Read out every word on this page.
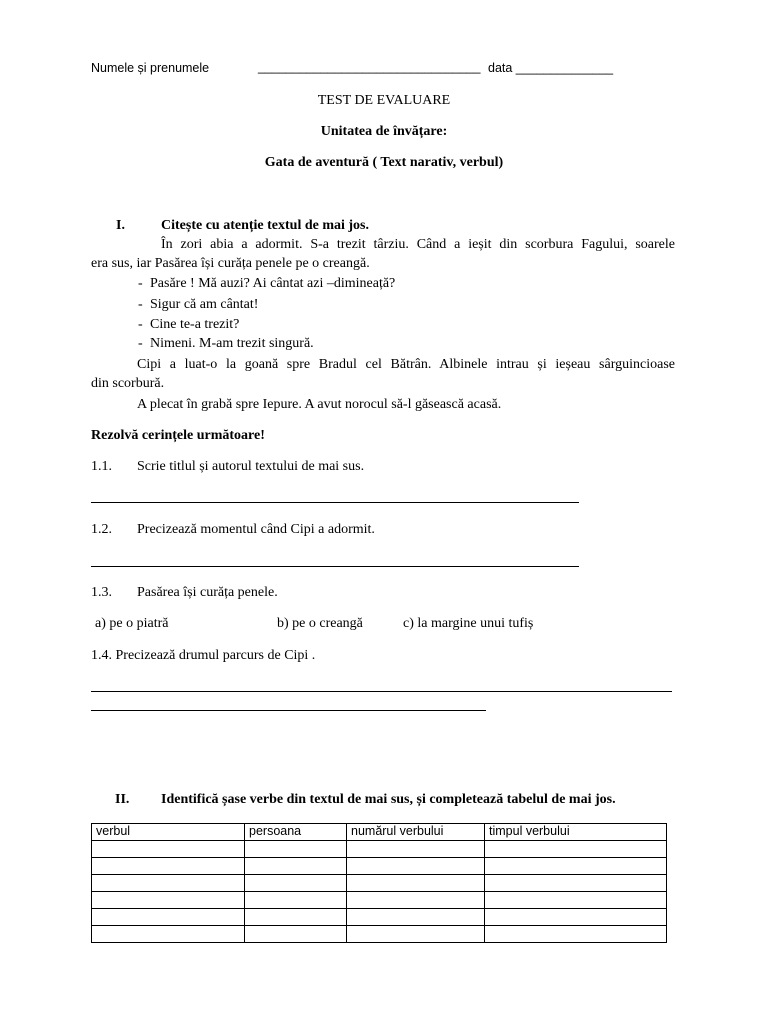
Numele și prenumele	________________________________ data ______________
TEST DE EVALUARE
Unitatea de învățare:
Gata de aventură ( Text narativ, verbul)
I.	Citește cu atenție textul de mai jos.
În zori abia a adormit. S-a trezit târziu. Când a ieșit din scorbura Fagului, soarele
era sus, iar Pasărea își curăța penele pe o creangă.
- Pasăre ! Mă auzi? Ai cântat azi –dimineață?
- Sigur că am cântat!
- Cine te-a trezit?
- Nimeni. M-am trezit singură.
Cipi a luat-o la goană spre Bradul cel Bătrân. Albinele intrau și ieșeau sârguincioase
din scorbură.
A plecat în grabă spre Iepure. A avut norocul să-l găsească acasă.
Rezolvă cerințele următoare!
1.1. Scrie titlul și autorul textului de mai sus.
1.2. Precizează momentul când Cipi a adormit.
1.3. Pasărea își curăța penele.
a) pe o piatră	b) pe o creangă	c) la margine unui tufiș
1.4. Precizează drumul parcurs de Cipi .
II. Identifică șase verbe din textul de mai sus, și completează tabelul de mai jos.
verbul	persoana	numărul verbului	timpul verbului
